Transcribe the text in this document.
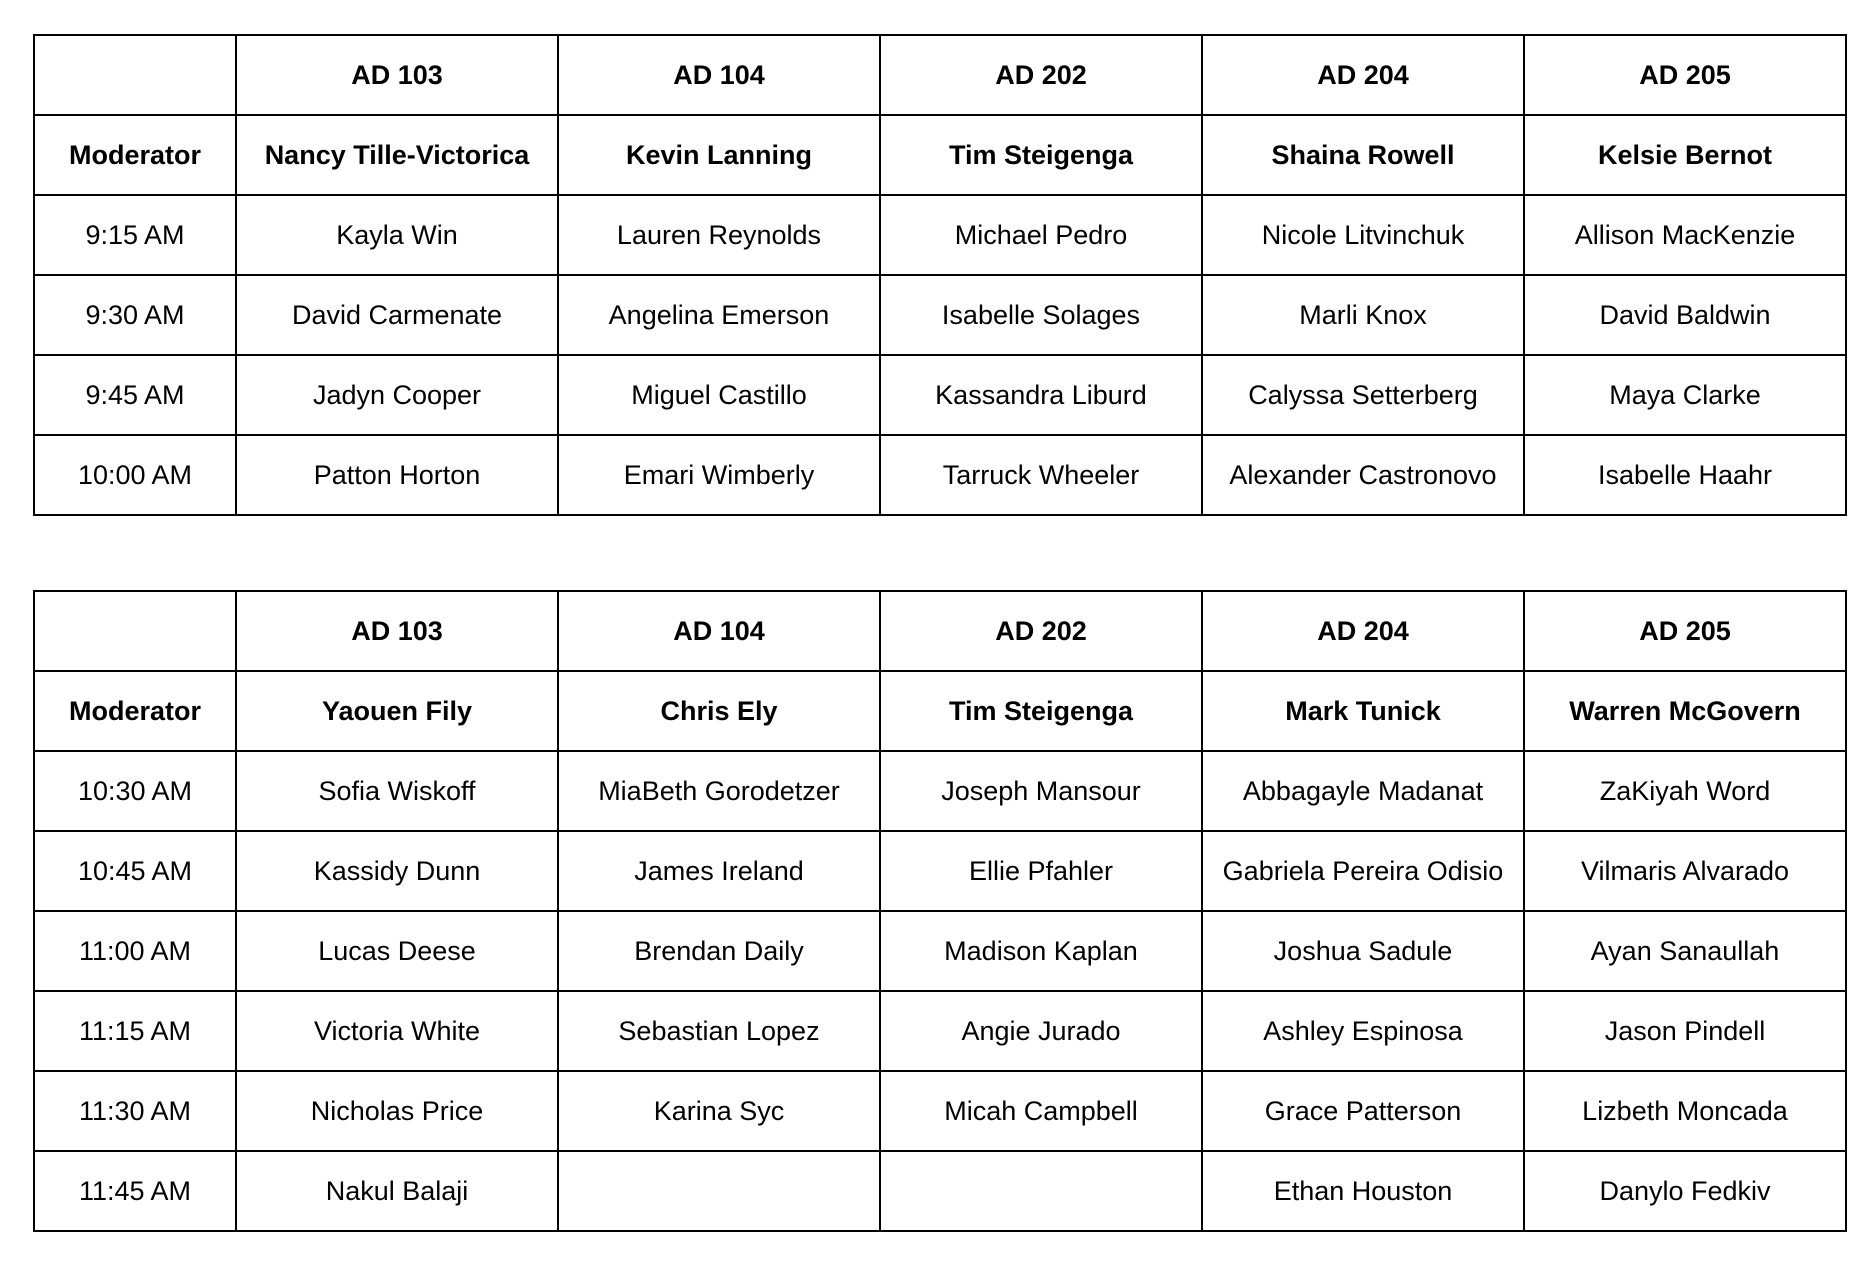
	AD 103	AD 104	AD 202	AD 204	AD 205
Moderator	Nancy Tille-Victorica	Kevin Lanning	Tim Steigenga	Shaina Rowell	Kelsie Bernot
9:15 AM	Kayla Win	Lauren Reynolds	Michael Pedro	Nicole Litvinchuk	Allison MacKenzie
9:30 AM	David Carmenate	Angelina Emerson	Isabelle Solages	Marli Knox	David Baldwin
9:45 AM	Jadyn Cooper	Miguel Castillo	Kassandra Liburd	Calyssa Setterberg	Maya Clarke
10:00 AM	Patton Horton	Emari Wimberly	Tarruck Wheeler	Alexander Castronovo	Isabelle Haahr
	AD 103	AD 104	AD 202	AD 204	AD 205
Moderator	Yaouen Fily	Chris Ely	Tim Steigenga	Mark Tunick	Warren McGovern
10:30 AM	Sofia Wiskoff	MiaBeth Gorodetzer	Joseph Mansour	Abbagayle Madanat	ZaKiyah Word
10:45 AM	Kassidy Dunn	James Ireland	Ellie Pfahler	Gabriela Pereira Odisio	Vilmaris Alvarado
11:00 AM	Lucas Deese	Brendan Daily	Madison Kaplan	Joshua Sadule	Ayan Sanaullah
11:15 AM	Victoria White	Sebastian Lopez	Angie Jurado	Ashley Espinosa	Jason Pindell
11:30 AM	Nicholas Price	Karina Syc	Micah Campbell	Grace Patterson	Lizbeth Moncada
11:45 AM	Nakul Balaji			Ethan Houston	Danylo Fedkiv
